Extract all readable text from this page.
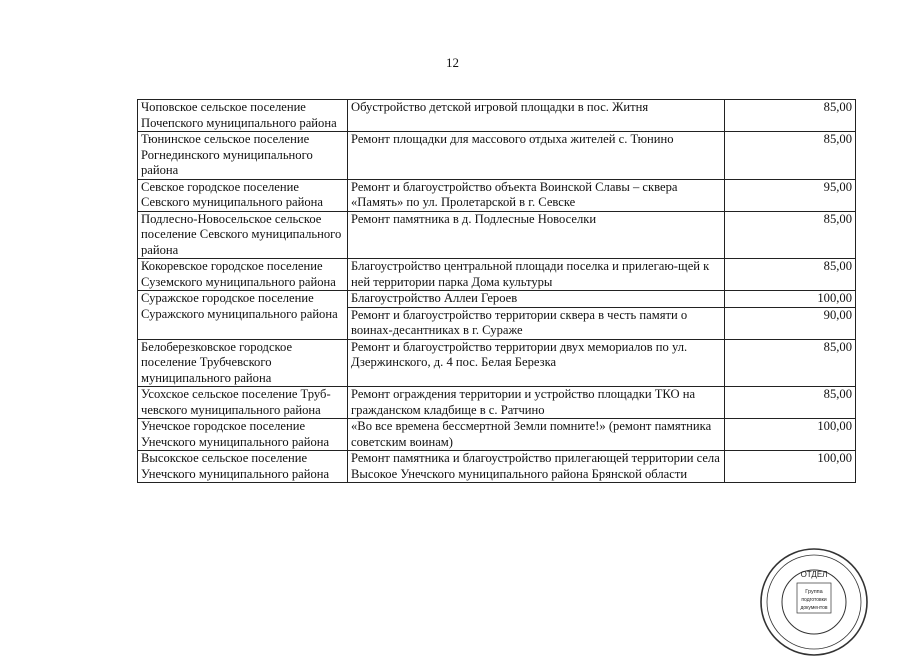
12
Чоповское сельское поселение Почепского муниципального района	Обустройство детской игровой площадки в пос. Житня	85,00
Тюнинское сельское поселение Рогнединского муниципального района	Ремонт площадки для массового отдыха жителей с. Тюнино	85,00
Севское городское поселение Севского муниципального района	Ремонт и благоустройство объекта Воинской Славы – сквера «Память» по ул. Пролетарской в г. Севске	95,00
Подлесно-Новосельское сельское поселение Севского муниципального района	Ремонт памятника в д. Подлесные Новоселки	85,00
Кокоревское городское поселение Суземского муниципального района	Благоустройство центральной площади поселка и прилегаю-щей к ней территории парка Дома культуры	85,00
Суражское городское поселение Суражского муниципального района	Благоустройство Аллеи Героев	100,00
	Ремонт и благоустройство территории сквера в честь памяти о воинах-десантниках в г. Сураже	90,00
Белоберезковское городское поселение Трубчевского муниципального района	Ремонт и благоустройство территории двух мемориалов по ул. Дзержинского, д. 4 пос. Белая Березка	85,00
Усохское сельское поселение Труб-чевского муниципального района	Ремонт ограждения территории и устройство площадки ТКО на гражданском кладбище в с. Ратчино	85,00
Унечское городское поселение Унечского муниципального района	«Во все времена бессмертной Земли помните!» (ремонт памятника советским воинам)	100,00
Высокское сельское поселение Унечского муниципального района	Ремонт памятника и благоустройство прилегающей территории села Высокое Унечского муниципального района Брянской области	100,00
ОТДЕЛ
Группа
подготовки
документов
